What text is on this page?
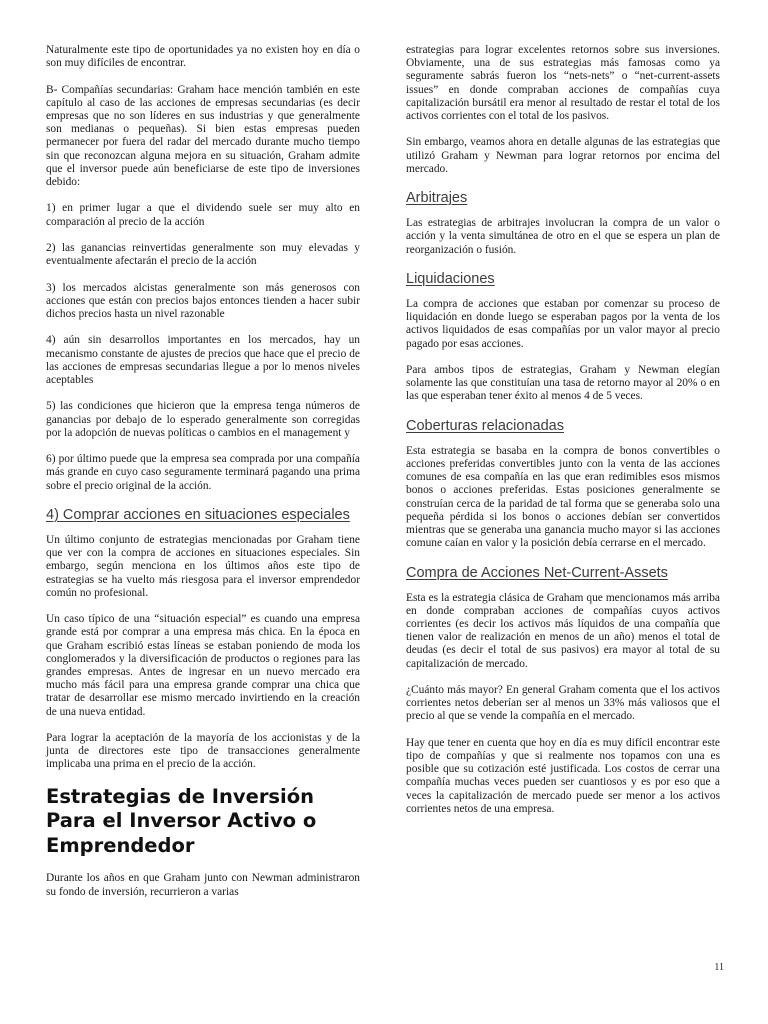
Naturalmente este tipo de oportunidades ya no existen hoy en día o son muy difíciles de encontrar.

B- Compañías secundarias: Graham hace mención también en este capítulo al caso de las acciones de empresas secundarias (es decir empresas que no son líderes en sus industrias y que generalmente son medianas o pequeñas). Si bien estas empresas pueden permanecer por fuera del radar del mercado durante mucho tiempo sin que reconozcan alguna mejora en su situación, Graham admite que el inversor puede aún beneficiarse de este tipo de inversiones debido:

1) en primer lugar a que el dividendo suele ser muy alto en comparación al precio de la acción

2) las ganancias reinvertidas generalmente son muy elevadas y eventualmente afectarán el precio de la acción

3) los mercados alcistas generalmente son más generosos con acciones que están con precios bajos entonces tienden a hacer subir dichos precios hasta un nivel razonable

4) aún sin desarrollos importantes en los mercados, hay un mecanismo constante de ajustes de precios que hace que el precio de las acciones de empresas secundarias llegue a por lo menos niveles aceptables

5) las condiciones que hicieron que la empresa tenga números de ganancias por debajo de lo esperado generalmente son corregidas por la adopción de nuevas políticas o cambios en el management y

6) por último puede que la empresa sea comprada por una compañía más grande en cuyo caso seguramente terminará pagando una prima sobre el precio original de la acción.

4) Comprar acciones en situaciones especiales

Un último conjunto de estrategias mencionadas por Graham tiene que ver con la compra de acciones en situaciones especiales. Sin embargo, según menciona en los últimos años este tipo de estrategias se ha vuelto más riesgosa para el inversor emprendedor común no profesional.

Un caso típico de una “situación especial” es cuando una empresa grande está por comprar a una empresa más chica. En la época en que Graham escribió estas líneas se estaban poniendo de moda los conglomerados y la diversificación de productos o regiones para las grandes empresas. Antes de ingresar en un nuevo mercado era mucho más fácil para una empresa grande comprar una chica que tratar de desarrollar ese mismo mercado invirtiendo en la creación de una nueva entidad.

Para lograr la aceptación de la mayoría de los accionistas y de la junta de directores este tipo de transacciones generalmente implicaba una prima en el precio de la acción.

Estrategias de Inversión Para el Inversor Activo o Emprendedor

Durante los años en que Graham junto con Newman administraron su fondo de inversión, recurrieron a varias

estrategias para lograr excelentes retornos sobre sus inversiones. Obviamente, una de sus estrategias más famosas como ya seguramente sabrás fueron los “nets-nets” o “net-current-assets issues” en donde compraban acciones de compañías cuya capitalización bursátil era menor al resultado de restar el total de los activos corrientes con el total de los pasivos.

Sin embargo, veamos ahora en detalle algunas de las estrategias que utilizó Graham y Newman para lograr retornos por encima del mercado.

Arbitrajes

Las estrategias de arbitrajes involucran la compra de un valor o acción y la venta simultánea de otro en el que se espera un plan de reorganización o fusión.

Liquidaciones

La compra de acciones que estaban por comenzar su proceso de liquidación en donde luego se esperaban pagos por la venta de los activos liquidados de esas compañías por un valor mayor al precio pagado por esas acciones.

Para ambos tipos de estrategias, Graham y Newman elegían solamente las que constituían una tasa de retorno mayor al 20% o en las que esperaban tener éxito al menos 4 de 5 veces.

Coberturas relacionadas

Esta estrategia se basaba en la compra de bonos convertibles o acciones preferidas convertibles junto con la venta de las acciones comunes de esa compañía en las que eran redimibles esos mismos bonos o acciones preferidas. Estas posiciones generalmente se construían cerca de la paridad de tal forma que se generaba solo una pequeña pérdida si los bonos o acciones debían ser convertidos mientras que se generaba una ganancia mucho mayor si las acciones comune caían en valor y la posición debía cerrarse en el mercado.

Compra de Acciones Net-Current-Assets

Esta es la estrategia clásica de Graham que mencionamos más arriba en donde compraban acciones de compañías cuyos activos corrientes (es decir los activos más líquidos de una compañía que tienen valor de realización en menos de un año) menos el total de deudas (es decir el total de sus pasivos) era mayor al total de su capitalización de mercado.

¿Cuánto más mayor? En general Graham comenta que el los activos corrientes netos deberían ser al menos un 33% más valiosos que el precio al que se vende la compañía en el mercado.

Hay que tener en cuenta que hoy en día es muy difícil encontrar este tipo de compañías y que si realmente nos topamos con una es posible que su cotización esté justificada. Los costos de cerrar una compañía muchas veces pueden ser cuantiosos y es por eso que a veces la capitalización de mercado puede ser menor a los activos corrientes netos de una empresa.

11
